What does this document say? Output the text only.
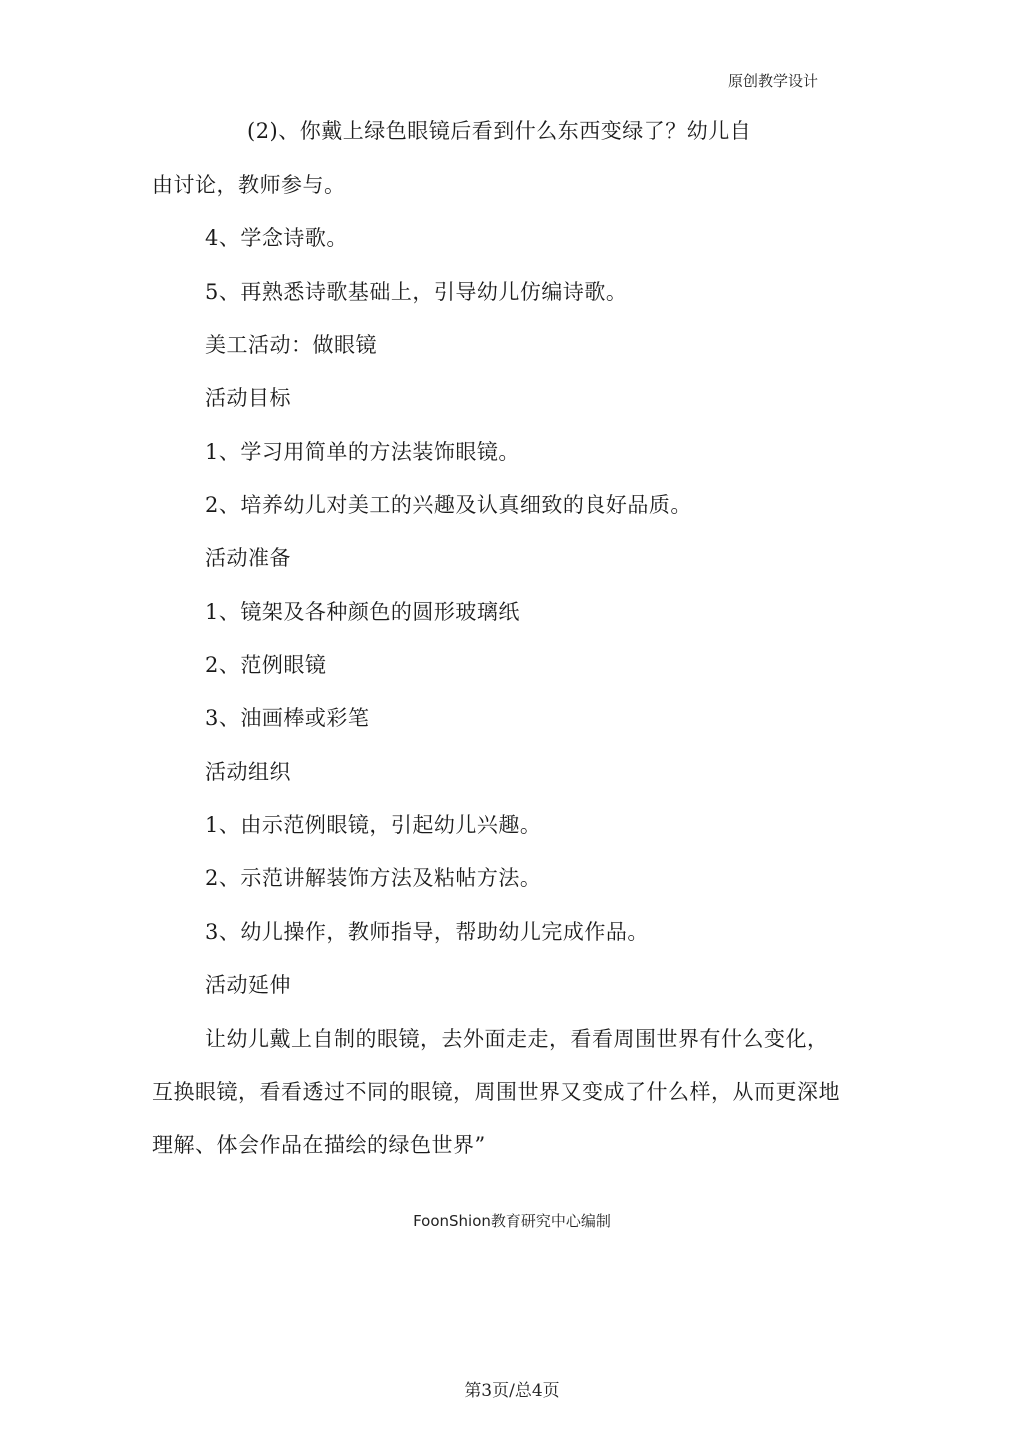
原创教学设计
(2)、你戴上绿色眼镜后看到什么东西变绿了？幼儿自
由讨论，教师参与。
4、学念诗歌。
5、再熟悉诗歌基础上，引导幼儿仿编诗歌。
美工活动：做眼镜
活动目标
1、学习用简单的方法装饰眼镜。
2、培养幼儿对美工的兴趣及认真细致的良好品质。
活动准备
1、镜架及各种颜色的圆形玻璃纸
2、范例眼镜
3、油画棒或彩笔
活动组织
1、由示范例眼镜，引起幼儿兴趣。
2、示范讲解装饰方法及粘帖方法。
3、幼儿操作，教师指导，帮助幼儿完成作品。
活动延伸
让幼儿戴上自制的眼镜，去外面走走，看看周围世界有什么变化，
互换眼镜，看看透过不同的眼镜，周围世界又变成了什么样，从而更深地
理解、体会作品在描绘的绿色世界”
FoonShion教育研究中心编制
第3页/总4页
